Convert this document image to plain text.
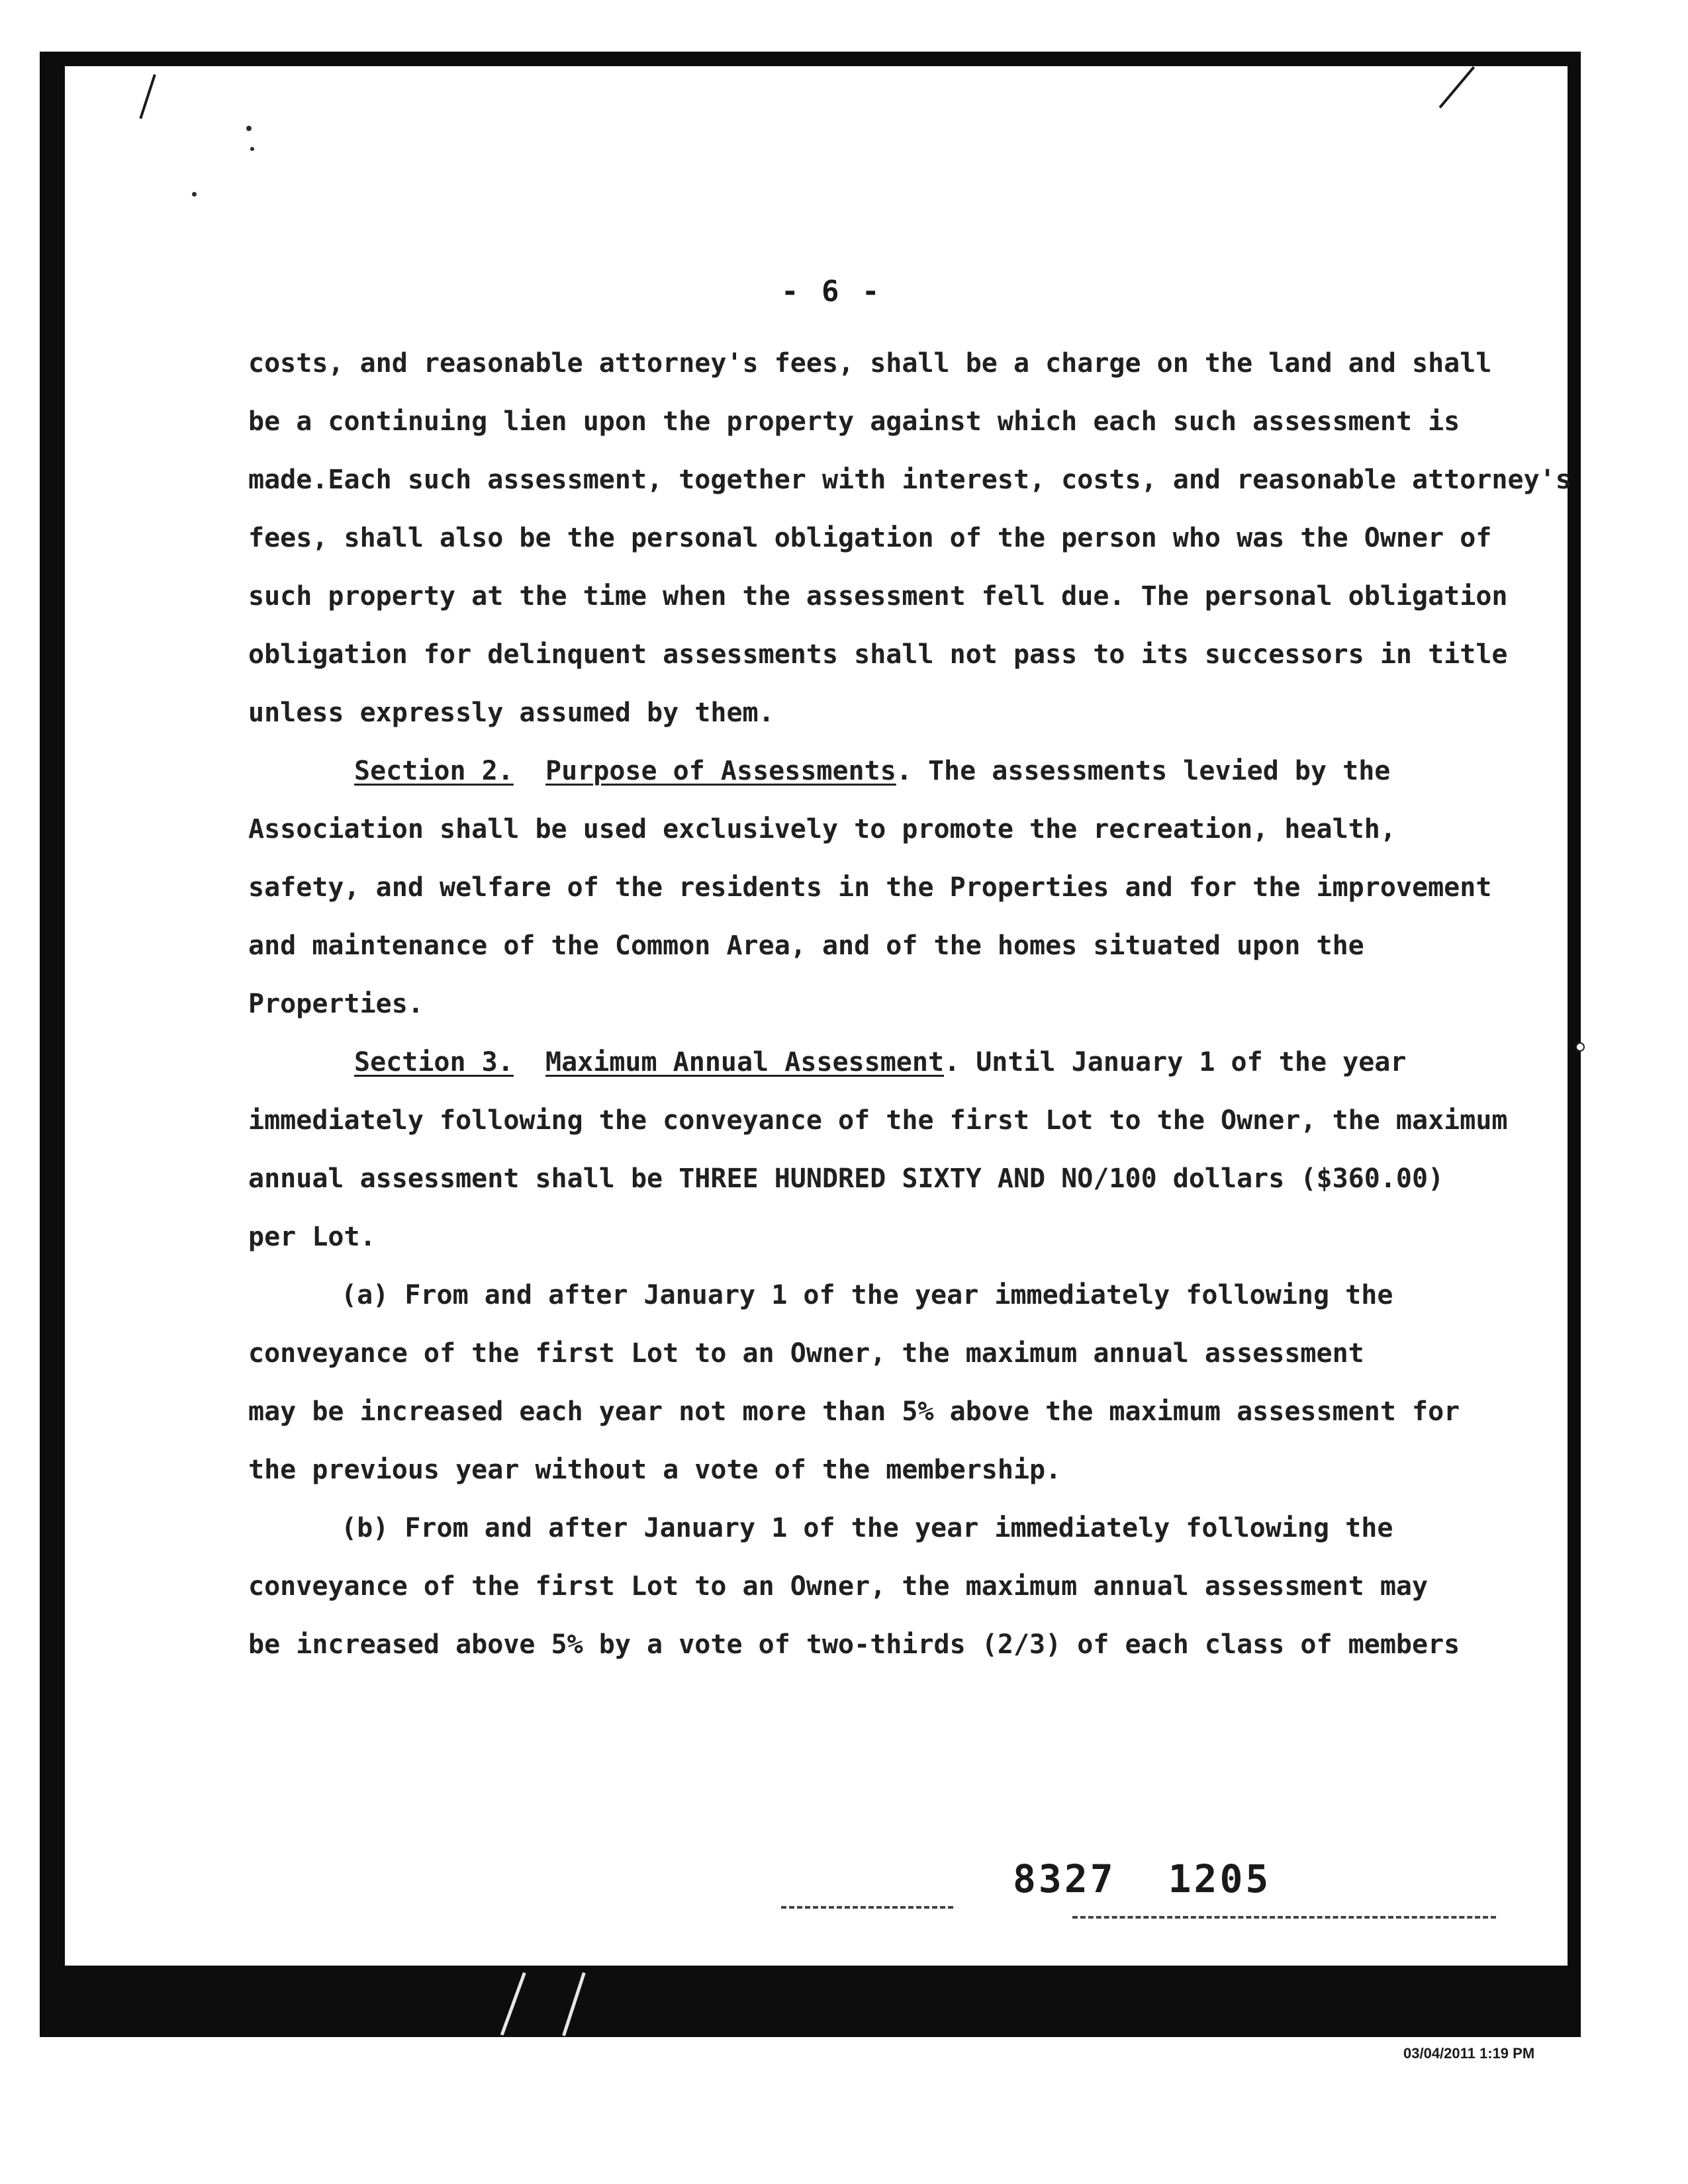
- 6 -
costs, and reasonable attorney's fees, shall be a charge on the land and shall
be a continuing lien upon the property against which each such assessment is
made.Each such assessment, together with interest, costs, and reasonable attorney's
fees, shall also be the personal obligation of the person who was the Owner of
such property at the time when the assessment fell due. The personal obligation
obligation for delinquent assessments shall not pass to its successors in title
unless expressly assumed by them.
Section 2. Purpose of Assessments. The assessments levied by the
Association shall be used exclusively to promote the recreation, health,
safety, and welfare of the residents in the Properties and for the improvement
and maintenance of the Common Area, and of the homes situated upon the
Properties.
Section 3. Maximum Annual Assessment. Until January 1 of the year
immediately following the conveyance of the first Lot to the Owner, the maximum
annual assessment shall be THREE HUNDRED SIXTY AND NO/100 dollars ($360.00)
per Lot.
(a) From and after January 1 of the year immediately following the
conveyance of the first Lot to an Owner, the maximum annual assessment
may be increased each year not more than 5% above the maximum assessment for
the previous year without a vote of the membership.
(b) From and after January 1 of the year immediately following the
conveyance of the first Lot to an Owner, the maximum annual assessment may
be increased above 5% by a vote of two-thirds (2/3) of each class of members
8327 1205
03/04/2011 1:19 PM
